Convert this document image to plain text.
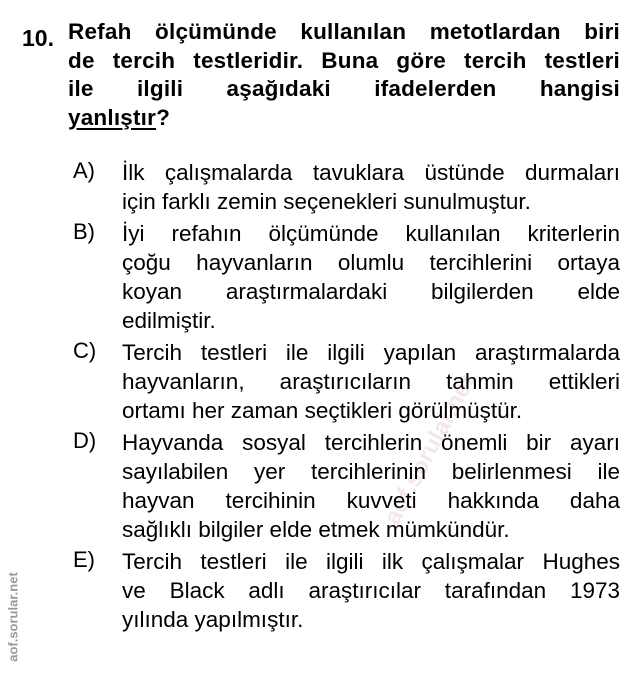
aof.sorular.net
10. Refah ölçümünde kullanılan metotlardan biri
de tercih testleridir. Buna göre tercih testleri
ile ilgili aşağıdaki ifadelerden hangisi
yanlıştır?
A) İlk çalışmalarda tavuklara üstünde durmaları
için farklı zemin seçenekleri sunulmuştur.
B) İyi refahın ölçümünde kullanılan kriterlerin
çoğu hayvanların olumlu tercihlerini ortaya
koyan araştırmalardaki bilgilerden elde
edilmiştir.
C) Tercih testleri ile ilgili yapılan araştırmalarda
hayvanların, araştırıcıların tahmin ettikleri
ortamı her zaman seçtikleri görülmüştür.
D) Hayvanda sosyal tercihlerin önemli bir ayarı
sayılabilen yer tercihlerinin belirlenmesi ile
hayvan tercihinin kuvveti hakkında daha
sağlıklı bilgiler elde etmek mümkündür.
E) Tercih testleri ile ilgili ilk çalışmalar Hughes
ve Black adlı araştırıcılar tarafından 1973
yılında yapılmıştır.
aof.sorular.net
